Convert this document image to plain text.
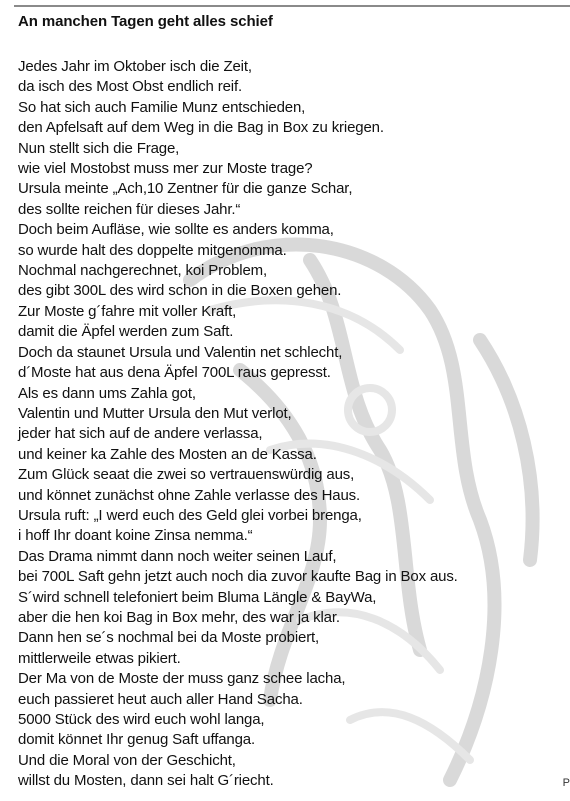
An manchen Tagen geht alles schief
Jedes Jahr im Oktober isch die Zeit,
da isch des Most Obst endlich reif.
So hat sich auch Familie Munz entschieden,
den Apfelsaft auf dem Weg in die Bag in Box zu kriegen.
Nun stellt sich die Frage,
wie viel Mostobst muss mer zur Moste trage?
Ursula meinte „Ach,10 Zentner für die ganze Schar,
des sollte reichen für dieses Jahr.“
Doch beim Aufläse, wie sollte es anders komma,
so wurde halt des doppelte mitgenomma.
Nochmal nachgerechnet, koi Problem,
des gibt 300L des wird schon in die Boxen gehen.
Zur Moste g´fahre mit voller Kraft,
damit die Äpfel werden zum Saft.
Doch da staunet Ursula und Valentin net schlecht,
d´Moste hat aus dena Äpfel 700L raus gepresst.
Als es dann ums Zahla got,
Valentin und Mutter Ursula den Mut verlot,
jeder hat sich auf de andere verlassa,
und keiner ka Zahle des Mosten an de Kassa.
Zum Glück seaat die zwei so vertrauenswürdig aus,
und könnet zunächst ohne Zahle verlasse des Haus.
Ursula ruft: „I werd euch des Geld glei vorbei brenga,
i hoff Ihr doant koine Zinsa nemma.“
Das Drama nimmt dann noch weiter seinen Lauf,
bei 700L Saft gehn jetzt auch noch dia zuvor kaufte Bag in Box aus.
S´wird schnell telefoniert beim Bluma Längle & BayWa,
aber die hen koi Bag in Box mehr, des war ja klar.
Dann hen se´s nochmal bei da Moste probiert,
mittlerweile etwas pikiert.
Der Ma von de Moste der muss ganz schee lacha,
euch passieret heut auch aller Hand Sacha.
5000 Stück des wird euch wohl langa,
domit könnet Ihr genug Saft uffanga.
Und die Moral von der Geschicht,
willst du Mosten, dann sei halt G´riecht.	P
